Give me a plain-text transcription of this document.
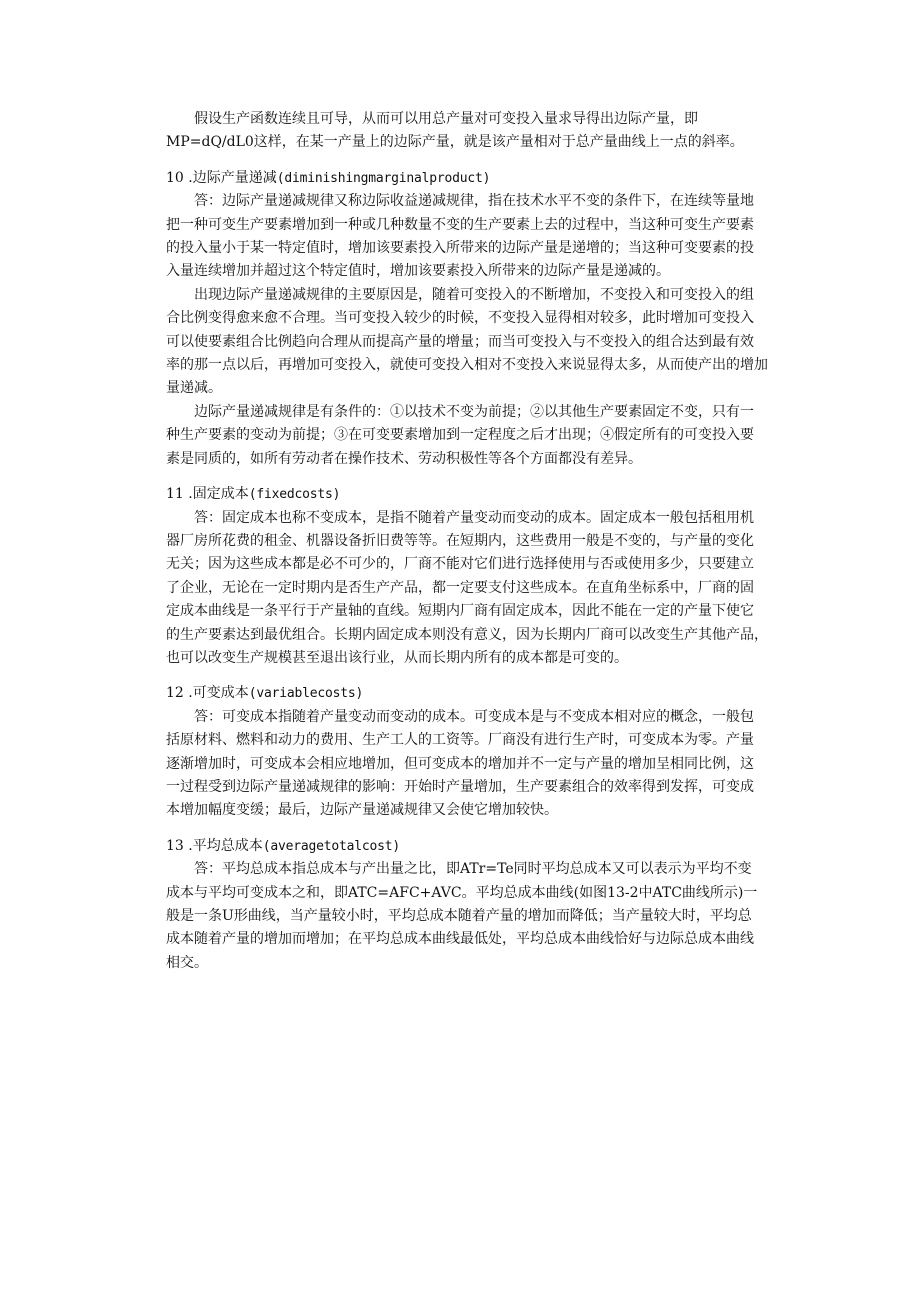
假设生产函数连续且可导，从而可以用总产量对可变投入量求导得出边际产量，即
MP=dQ/dL0这样，在某一产量上的边际产量，就是该产量相对于总产量曲线上一点的斜率。
10 .边际产量递减(diminishingmarginalproduct)
答：边际产量递减规律又称边际收益递减规律，指在技术水平不变的条件下，在连续等量地
把一种可变生产要素增加到一种或几种数量不变的生产要素上去的过程中，当这种可变生产要素
的投入量小于某一特定值时，增加该要素投入所带来的边际产量是递增的；当这种可变要素的投
入量连续增加并超过这个特定值时，增加该要素投入所带来的边际产量是递减的。
出现边际产量递减规律的主要原因是，随着可变投入的不断增加，不变投入和可变投入的组
合比例变得愈来愈不合理。当可变投入较少的时候，不变投入显得相对较多，此时增加可变投入
可以使要素组合比例趋向合理从而提高产量的增量；而当可变投入与不变投入的组合达到最有效
率的那一点以后，再增加可变投入，就使可变投入相对不变投入来说显得太多，从而使产出的增加
量递减。
边际产量递减规律是有条件的：①以技术不变为前提；②以其他生产要素固定不变，只有一
种生产要素的变动为前提；③在可变要素增加到一定程度之后才出现；④假定所有的可变投入要
素是同质的，如所有劳动者在操作技术、劳动积极性等各个方面都没有差异。
11 .固定成本(fixedcosts)
答：固定成本也称不变成本，是指不随着产量变动而变动的成本。固定成本一般包括租用机
器厂房所花费的租金、机器设备折旧费等等。在短期内，这些费用一般是不变的，与产量的变化
无关；因为这些成本都是必不可少的，厂商不能对它们进行选择使用与否或使用多少，只要建立
了企业，无论在一定时期内是否生产产品，都一定要支付这些成本。在直角坐标系中，厂商的固
定成本曲线是一条平行于产量轴的直线。短期内厂商有固定成本，因此不能在一定的产量下使它
的生产要素达到最优组合。长期内固定成本则没有意义，因为长期内厂商可以改变生产其他产品，
也可以改变生产规模甚至退出该行业，从而长期内所有的成本都是可变的。
12 .可变成本(variablecosts)
答：可变成本指随着产量变动而变动的成本。可变成本是与不变成本相对应的概念，一般包
括原材料、燃料和动力的费用、生产工人的工资等。厂商没有进行生产时，可变成本为零。产量
逐渐增加时，可变成本会相应地增加，但可变成本的增加并不一定与产量的增加呈相同比例，这
一过程受到边际产量递减规律的影响：开始时产量增加，生产要素组合的效率得到发挥，可变成
本增加幅度变缓；最后，边际产量递减规律又会使它增加较快。
13 .平均总成本(averagetotalcost)
答：平均总成本指总成本与产出量之比，即ATr=Te同时平均总成本又可以表示为平均不变
成本与平均可变成本之和，即ATC=AFC+AVC。平均总成本曲线(如图13-2中ATC曲线所示)一
般是一条U形曲线，当产量较小时，平均总成本随着产量的增加而降低；当产量较大时，平均总
成本随着产量的增加而增加；在平均总成本曲线最低处，平均总成本曲线恰好与边际总成本曲线
相交。
